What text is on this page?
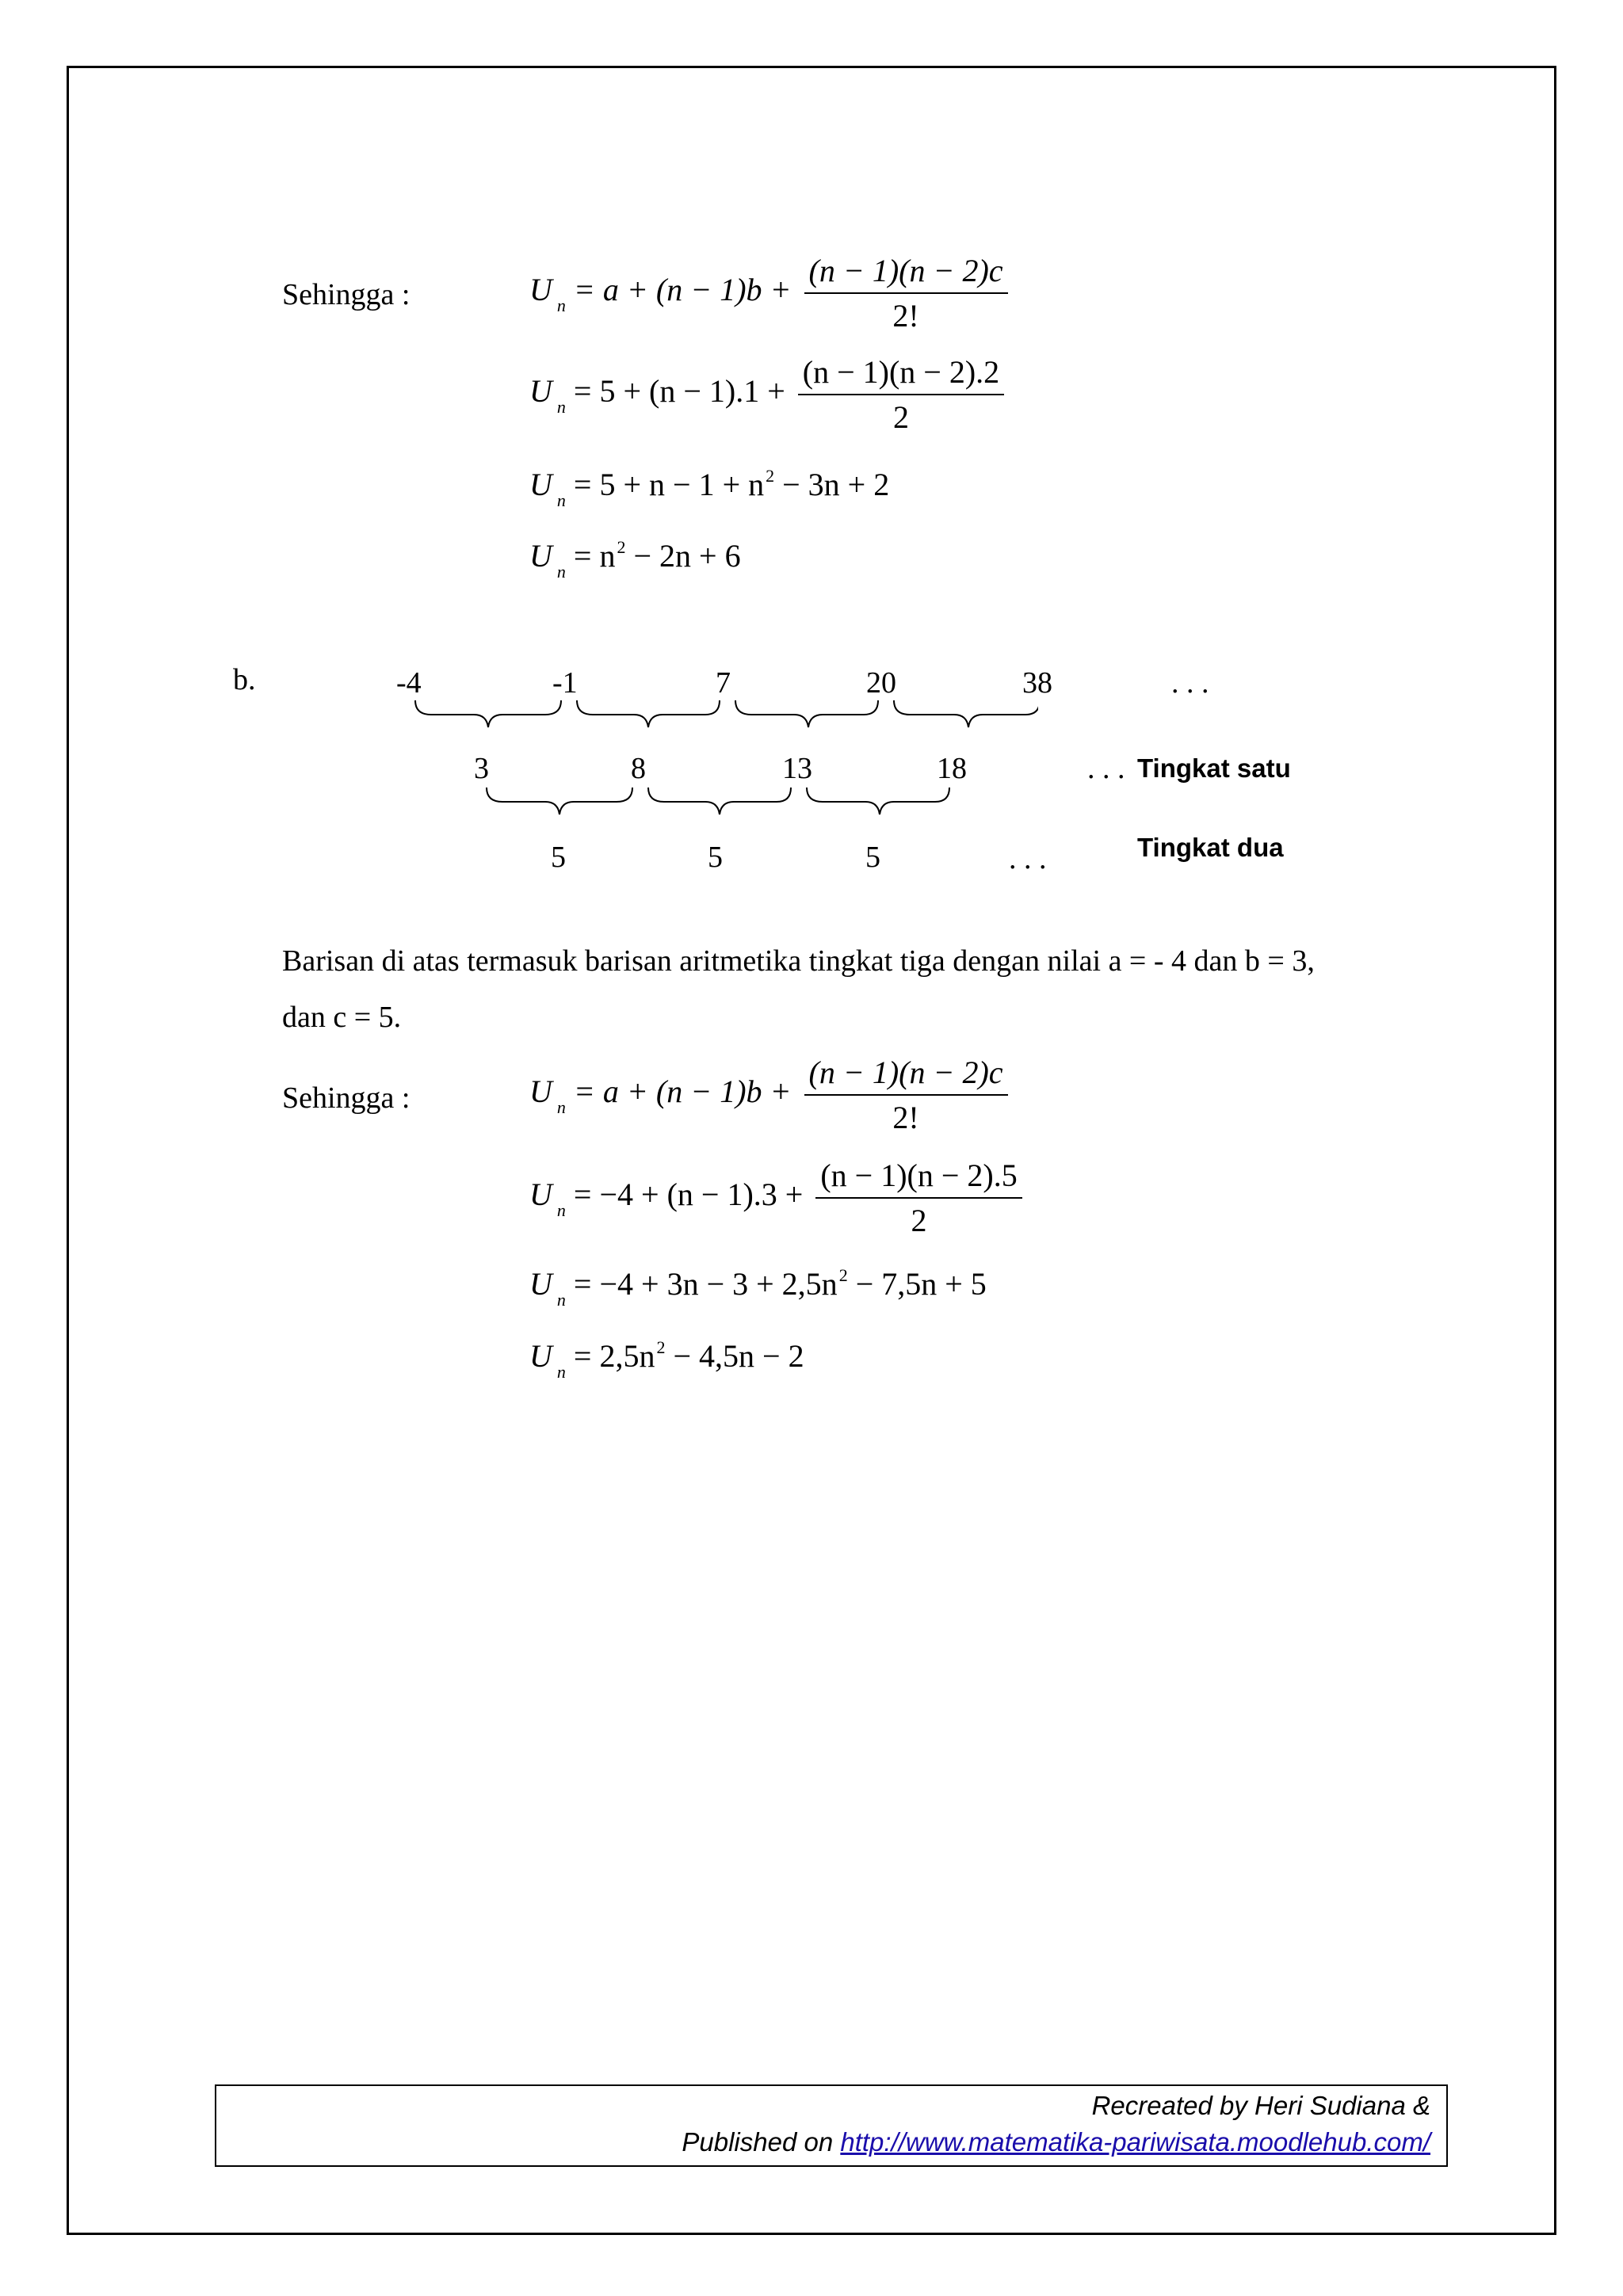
Sehingga :	U $_n = a + (n - 1)b + \frac{(n - 1)(n - 2)c}{2!}$
U $_n = 5 + (n - 1).1 + \frac{(n - 1)(n - 2).2}{2}$
U $_n = 5 + n - 1 + n^2 - 3n + 2$
U $_n = n^2 - 2n + 6$
b.	-4	-1	7	20	38	. . .
3	8	13	18	. . . Tingkat satu
5	5	5	. . .	Tingkat dua
Barisan di atas termasuk barisan aritmetika tingkat tiga dengan nilai a = - 4 dan b = 3,
dan c = 5.
Sehingga :	U $_n = a + (n - 1)b + \frac{(n - 1)(n - 2)c}{2!}$
U $_n = -4 + (n - 1).3 + \frac{(n - 1)(n - 2).5}{2}$
U $_n = -4 + 3n - 3 + 2,5n^2 - 7,5n + 5$
U $_n = 2,5n^2 - 4,5n - 2$
Recreated by Heri Sudiana &
Published on http://www.matematika-pariwisata.moodlehub.com/
